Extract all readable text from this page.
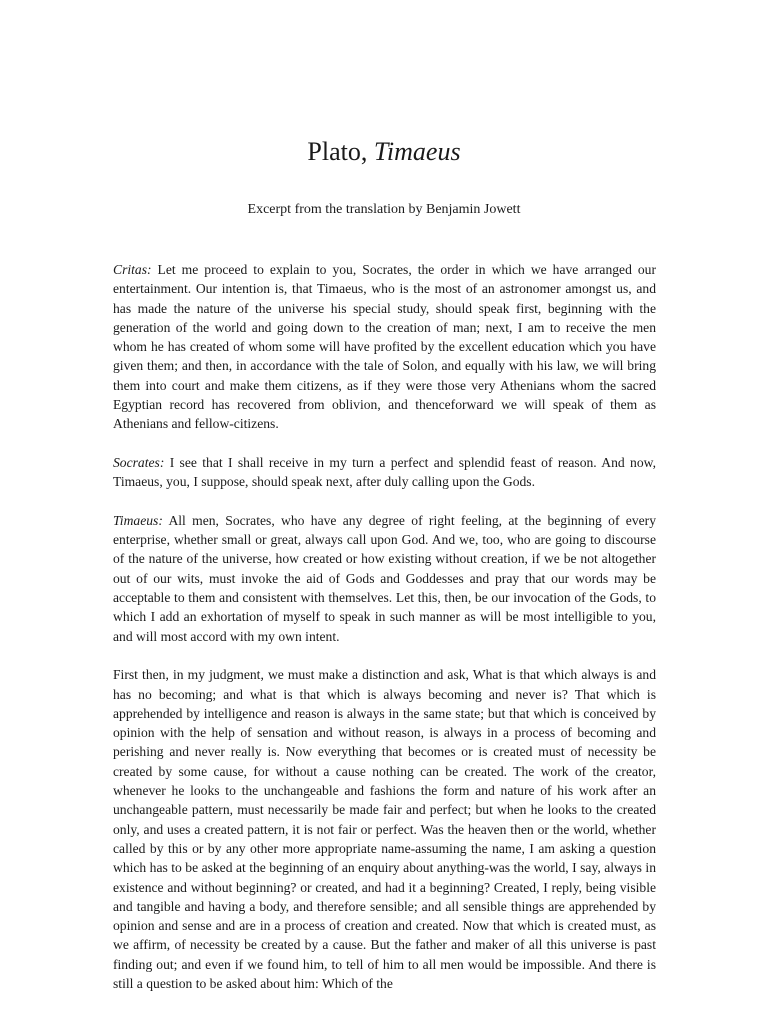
Plato, Timaeus

Excerpt from the translation by Benjamin Jowett

Critas: Let me proceed to explain to you, Socrates, the order in which we have arranged our entertainment. Our intention is, that Timaeus, who is the most of an astronomer amongst us, and has made the nature of the universe his special study, should speak first, beginning with the generation of the world and going down to the creation of man; next, I am to receive the men whom he has created of whom some will have profited by the excellent education which you have given them; and then, in accordance with the tale of Solon, and equally with his law, we will bring them into court and make them citizens, as if they were those very Athenians whom the sacred Egyptian record has recovered from oblivion, and thenceforward we will speak of them as Athenians and fellow-citizens.

Socrates: I see that I shall receive in my turn a perfect and splendid feast of reason. And now, Timaeus, you, I suppose, should speak next, after duly calling upon the Gods.

Timaeus: All men, Socrates, who have any degree of right feeling, at the beginning of every enterprise, whether small or great, always call upon God. And we, too, who are going to discourse of the nature of the universe, how created or how existing without creation, if we be not altogether out of our wits, must invoke the aid of Gods and Goddesses and pray that our words may be acceptable to them and consistent with themselves. Let this, then, be our invocation of the Gods, to which I add an exhortation of myself to speak in such manner as will be most intelligible to you, and will most accord with my own intent.

First then, in my judgment, we must make a distinction and ask, What is that which always is and has no becoming; and what is that which is always becoming and never is? That which is apprehended by intelligence and reason is always in the same state; but that which is conceived by opinion with the help of sensation and without reason, is always in a process of becoming and perishing and never really is. Now everything that becomes or is created must of necessity be created by some cause, for without a cause nothing can be created. The work of the creator, whenever he looks to the unchangeable and fashions the form and nature of his work after an unchangeable pattern, must necessarily be made fair and perfect; but when he looks to the created only, and uses a created pattern, it is not fair or perfect. Was the heaven then or the world, whether called by this or by any other more appropriate name-assuming the name, I am asking a question which has to be asked at the beginning of an enquiry about anything-was the world, I say, always in existence and without beginning? or created, and had it a beginning? Created, I reply, being visible and tangible and having a body, and therefore sensible; and all sensible things are apprehended by opinion and sense and are in a process of creation and created. Now that which is created must, as we affirm, of necessity be created by a cause. But the father and maker of all this universe is past finding out; and even if we found him, to tell of him to all men would be impossible. And there is still a question to be asked about him: Which of the
